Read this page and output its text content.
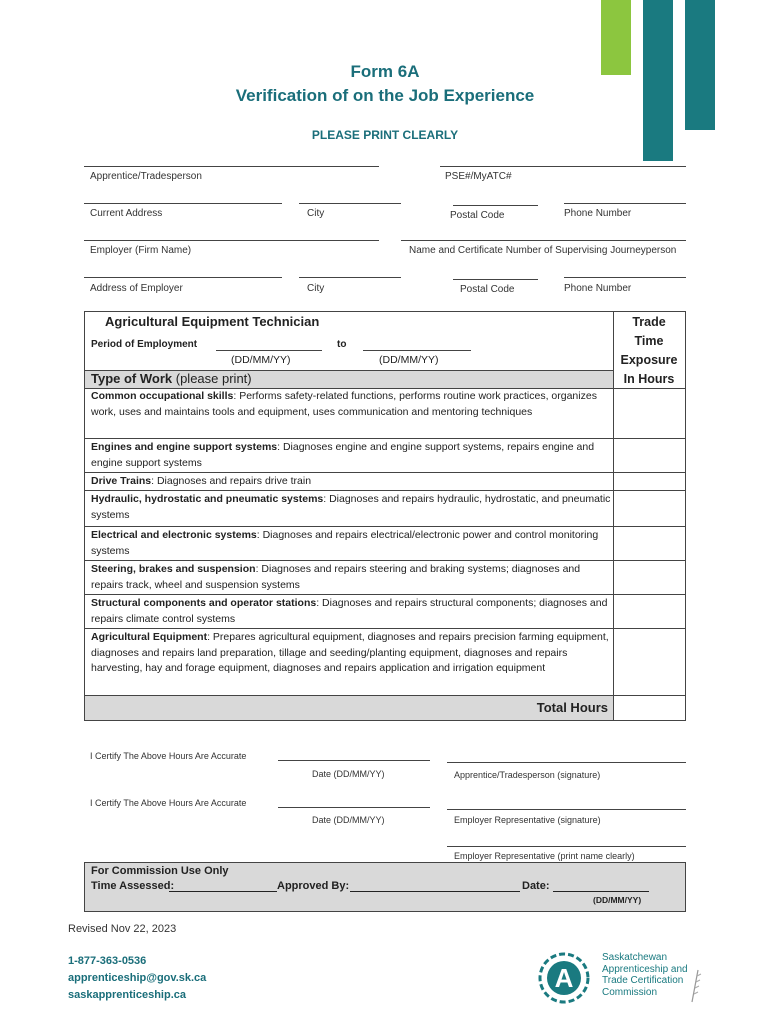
Form 6A
Verification of on the Job Experience
PLEASE PRINT CLEARLY
Apprentice/Tradesperson	PSE#/MyATC#
Current Address	City	Postal Code	Phone Number
Employer (Firm Name)	Name and Certificate Number of Supervising Journeyperson
Address of Employer	City	Postal Code	Phone Number
Agricultural Equipment Technician
Period of Employment	to
(DD/MM/YY)	(DD/MM/YY)
Type of Work (please print)
Trade
Time
Exposure
In Hours
Common occupational skills: Performs safety-related functions, performs routine work practices, organizes work, uses and maintains tools and equipment, uses communication and mentoring techniques
Engines and engine support systems: Diagnoses engine and engine support systems, repairs engine and engine support systems
Drive Trains: Diagnoses and repairs drive train
Hydraulic, hydrostatic and pneumatic systems: Diagnoses and repairs hydraulic, hydrostatic, and pneumatic systems
Electrical and electronic systems: Diagnoses and repairs electrical/electronic power and control monitoring systems
Steering, brakes and suspension: Diagnoses and repairs steering and braking systems; diagnoses and repairs track, wheel and suspension systems
Structural components and operator stations: Diagnoses and repairs structural components; diagnoses and repairs climate control systems
Agricultural Equipment: Prepares agricultural equipment, diagnoses and repairs precision farming equipment, diagnoses and repairs land preparation, tillage and seeding/planting equipment, diagnoses and repairs harvesting, hay and forage equipment, diagnoses and repairs application and irrigation equipment
Total Hours
I Certify The Above Hours Are Accurate
Date (DD/MM/YY)	Apprentice/Tradesperson (signature)
I Certify The Above Hours Are Accurate
Date (DD/MM/YY)	Employer Representative (signature)
Employer Representative (print name clearly)
For Commission Use Only
Time Assessed:	Approved By:	Date:
(DD/MM/YY)
Revised Nov 22, 2023
1-877-363-0536
apprenticeship@gov.sk.ca
saskapprenticeship.ca
A
Saskatchewan
Apprenticeship and
Trade Certification
Commission
